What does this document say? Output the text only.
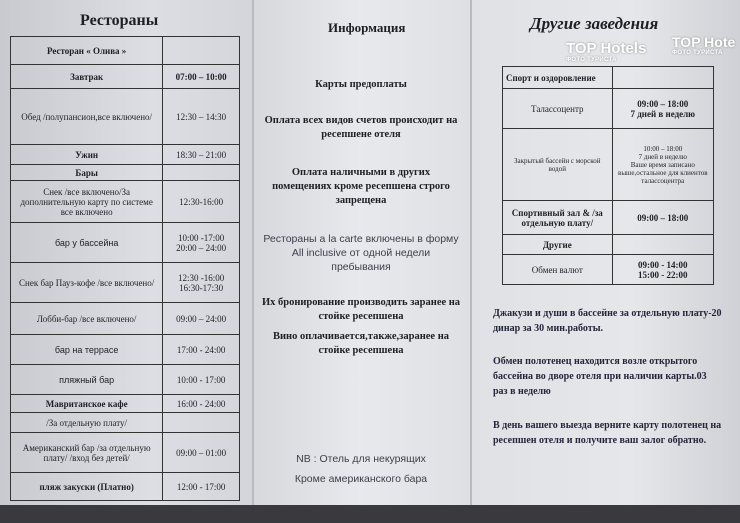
Рестораны
Ресторан « Олива »	
Завтрак	07:00 – 10:00
Обед /полупансион,все включено/	12:30 – 14:30
Ужин	18:30 – 21:00
Бары	
Снек /все включено/За дополнительную карту по системе все включено	12:30-16:00
бар у бассейна	10:00 -17:00
20:00 – 24:00
Снек бар Пауз-кофе /все включено/	12:30 -16:00
16:30-17:30
Лобби-бар /все включено/	09:00 – 24:00
бар на террасе	17:00 - 24:00
пляжный бар	10:00 - 17:00
Мавританское кафе	16:00 - 24:00
/За отдельную плату/	
Американский бар /за отдельную плату/ /вход без детей/	09:00 – 01:00
пляж закуски (Платно)	12:00 - 17:00
Информация
Карты предоплаты
Оплата всех видов счетов происходит на ресепшене отеля
Оплата наличными в других помещениях кроме ресепшена строго запрещена
Рестораны a la carte включены в форму All inclusive от одной недели пребывания
Их бронирование производить заранее на стойке ресепшена
Вино оплачивается,также,заранее на стойке ресепшена
NB : Отель для некурящих
Кроме американского бара
Другие заведения
Спорт и оздоровление	
Талассоцентр	09:00 – 18:00
7 дней в неделю
Закрытый бассейн с морской водой	10:00 – 18:00
7 дней в неделю
Ваше время записано выше,остальное для клиентов талассоцентра
Спортивный зал & /за отдельную плату/	09:00 – 18:00
Другие	
Обмен валют	09:00 - 14:00
15:00 - 22:00
Джакузи и души в бассейне за отдельную плату-20 динар за 30 мин.работы.
Обмен полотенец находится возле открытого бассейна во дворе отеля при наличии карты.03 раз в неделю
В день вашего выезда верните карту полотенец на ресепшен отеля и получите ваш залог обратно.
TOP Hotels
ФОТО ТУРИСТА
TOP Hote
ФОТО ТУРИСТА
